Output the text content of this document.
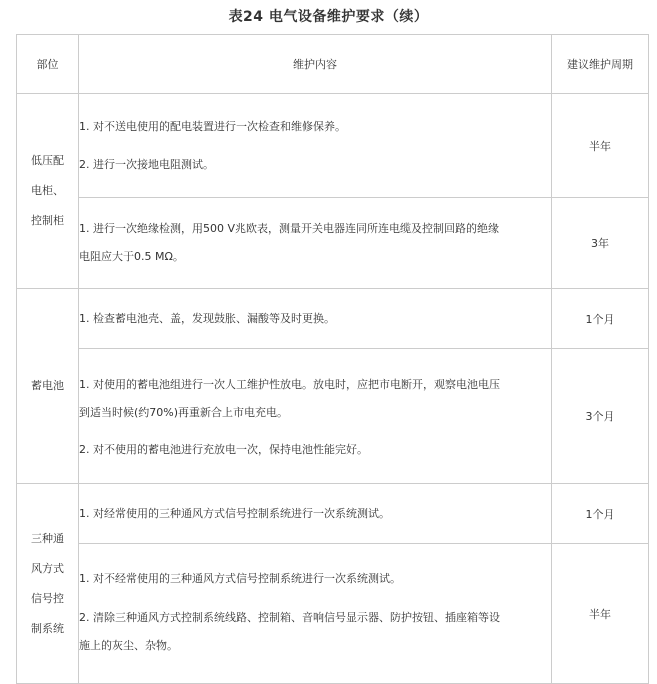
表24 电气设备维护要求（续）
部位	维护内容	建议维护周期

低压配
电柜、
控制柜	1. 对不送电使用的配电装置进行一次检查和维修保养。
2. 进行一次接地电阻测试。	半年

	1. 进行一次绝缘检测，用500 V兆欧表，测量开关电器连同所连电缆及控制回路的绝缘
电阻应大于0.5 MΩ。	3年

蓄电池	1. 检查蓄电池壳、盖，发现鼓胀、漏酸等及时更换。	1个月

	1. 对使用的蓄电池组进行一次人工维护性放电。放电时，应把市电断开，观察电池电压
到适当时候(约70%)再重新合上市电充电。
2. 对不使用的蓄电池进行充放电一次，保持电池性能完好。	3个月

三种通
风方式
信号控
制系统	1. 对经常使用的三种通风方式信号控制系统进行一次系统测试。	1个月

	1. 对不经常使用的三种通风方式信号控制系统进行一次系统测试。
2. 清除三种通风方式控制系统线路、控制箱、音响信号显示器、防护按钮、插座箱等设
施上的灰尘、杂物。	半年
